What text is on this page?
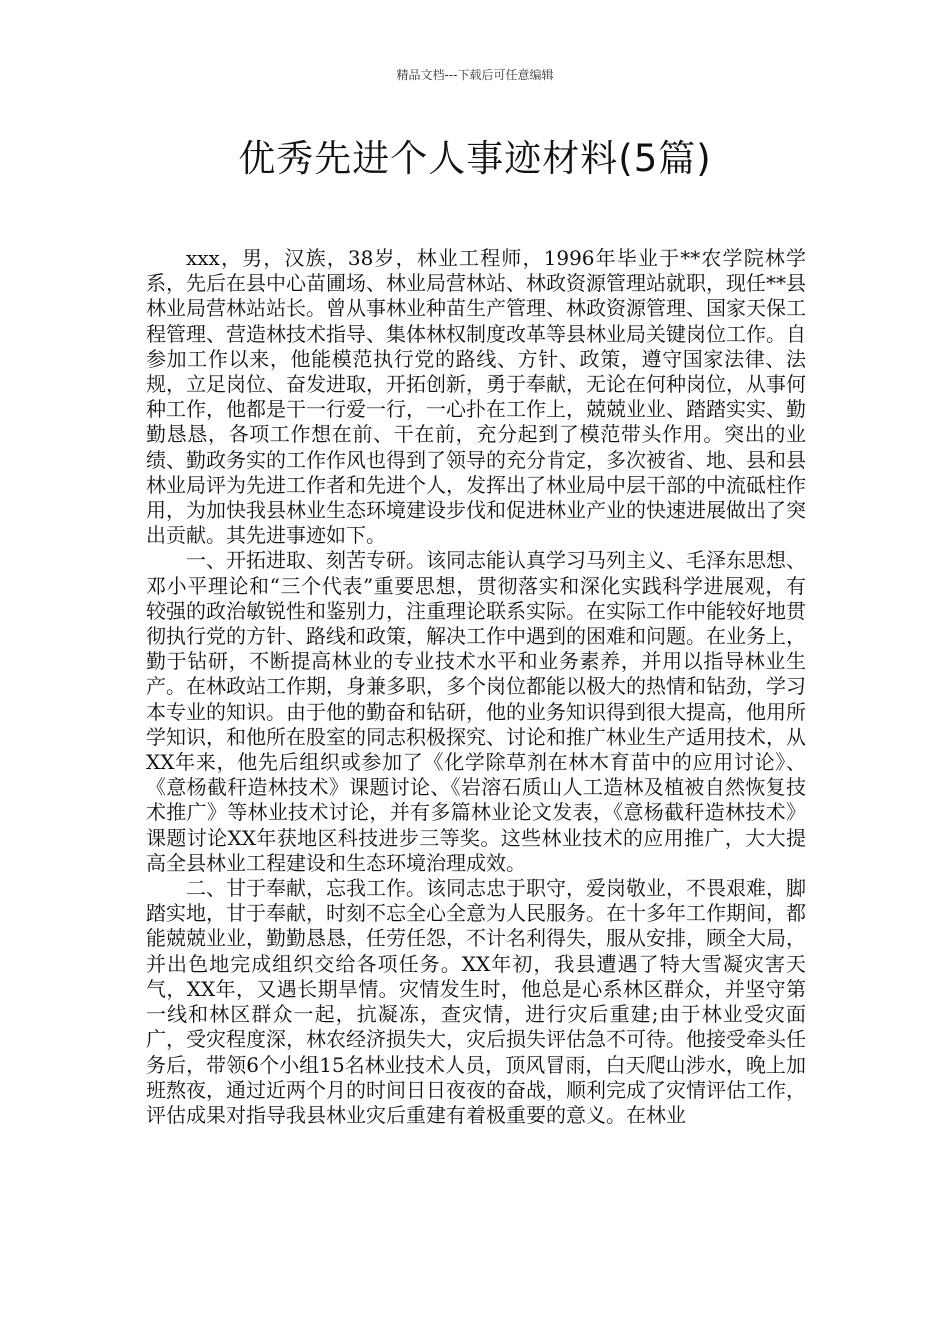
精品文档---下载后可任意编辑
优秀先进个人事迹材料(5篇)

xxx，男，汉族，38岁，林业工程师，1996年毕业于**农学院林学系，先后在县中心苗圃场、林业局营林站、林政资源管理站就职，现任**县林业局营林站站长。曾从事林业种苗生产管理、林政资源管理、国家天保工程管理、营造林技术指导、集体林权制度改革等县林业局关键岗位工作。自参加工作以来，他能模范执行党的路线、方针、政策，遵守国家法律、法规，立足岗位、奋发进取，开拓创新，勇于奉献，无论在何种岗位，从事何种工作，他都是干一行爱一行，一心扑在工作上，兢兢业业、踏踏实实、勤勤恳恳，各项工作想在前、干在前，充分起到了模范带头作用。突出的业绩、勤政务实的工作作风也得到了领导的充分肯定，多次被省、地、县和县林业局评为先进工作者和先进个人，发挥出了林业局中层干部的中流砥柱作用，为加快我县林业生态环境建设步伐和促进林业产业的快速进展做出了突出贡献。其先进事迹如下。

一、开拓进取、刻苦专研。该同志能认真学习马列主义、毛泽东思想、邓小平理论和“三个代表”重要思想，贯彻落实和深化实践科学进展观，有较强的政治敏锐性和鉴别力，注重理论联系实际。在实际工作中能较好地贯彻执行党的方针、路线和政策，解决工作中遇到的困难和问题。在业务上，勤于钻研，不断提高林业的专业技术水平和业务素养，并用以指导林业生产。在林政站工作期，身兼多职，多个岗位都能以极大的热情和钻劲，学习本专业的知识。由于他的勤奋和钻研，他的业务知识得到很大提高，他用所学知识，和他所在股室的同志积极探究、讨论和推广林业生产适用技术，从XX年来，他先后组织或参加了《化学除草剂在林木育苗中的应用讨论》、《意杨截秆造林技术》课题讨论、《岩溶石质山人工造林及植被自然恢复技术推广》等林业技术讨论，并有多篇林业论文发表，《意杨截秆造林技术》课题讨论XX年获地区科技进步三等奖。这些林业技术的应用推广，大大提高全县林业工程建设和生态环境治理成效。

二、甘于奉献，忘我工作。该同志忠于职守，爱岗敬业，不畏艰难，脚踏实地，甘于奉献，时刻不忘全心全意为人民服务。在十多年工作期间，都能兢兢业业，勤勤恳恳，任劳任怨，不计名利得失，服从安排，顾全大局，并出色地完成组织交给各项任务。XX年初，我县遭遇了特大雪凝灾害天气，XX年，又遇长期旱情。灾情发生时，他总是心系林区群众，并坚守第一线和林区群众一起，抗凝冻，查灾情，进行灾后重建;由于林业受灾面广，受灾程度深，林农经济损失大，灾后损失评估急不可待。他接受牵头任务后，带领6个小组15名林业技术人员，顶风冒雨，白天爬山涉水，晚上加班熬夜，通过近两个月的时间日日夜夜的奋战，顺利完成了灾情评估工作，评估成果对指导我县林业灾后重建有着极重要的意义。在林业
